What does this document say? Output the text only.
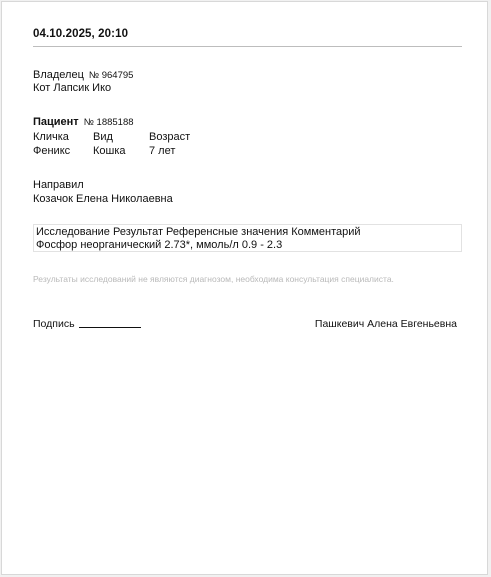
04.10.2025, 20:10
Владелец № 964795
Кот Лапсик Ико
Пациент № 1885188
Кличка Вид	Возраст
Феникс Кошка 7 лет
Направил
Козачок Елена Николаевна
Исследование Результат Референсные значения Комментарий
Фосфор неорганический 2.73*, ммоль/л 0.9 - 2.3
Результаты исследований не являются диагнозом, необходима консультация специалиста.
Подпись	Пашкевич Алена Евгеньевна
